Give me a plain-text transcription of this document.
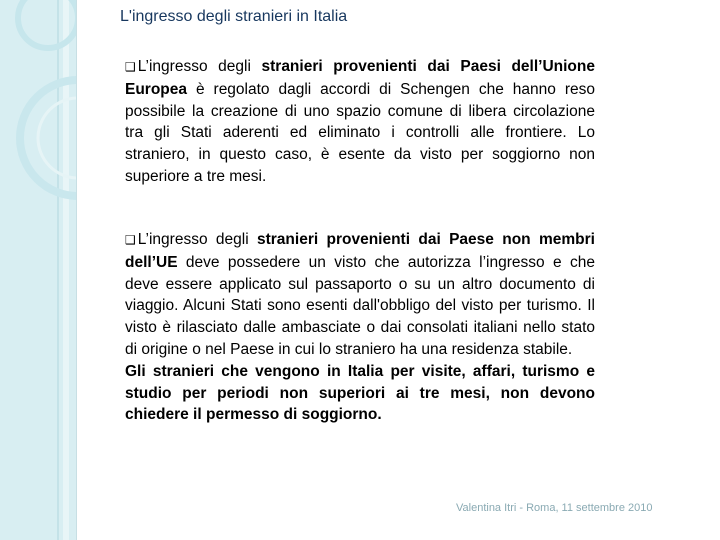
L'ingresso degli stranieri in Italia

❑ L’ingresso degli stranieri provenienti dai Paesi dell’Unione Europea è regolato dagli accordi di Schengen che hanno reso possibile la creazione di uno spazio comune di libera circolazione tra gli Stati aderenti ed eliminato i controlli alle frontiere. Lo straniero, in questo caso, è esente da visto per soggiorno non superiore a tre mesi.

❑ L’ingresso degli stranieri provenienti dai Paese non membri dell’UE deve possedere un visto che autorizza l’ingresso e che deve essere applicato sul passaporto o su un altro documento di viaggio. Alcuni Stati sono esenti dall'obbligo del visto per turismo. Il visto è rilasciato dalle ambasciate o dai consolati italiani nello stato di origine o nel Paese in cui lo straniero ha una residenza stabile.
Gli stranieri che vengono in Italia per visite, affari, turismo e studio per periodi non superiori ai tre mesi, non devono chiedere il permesso di soggiorno.

Valentina Itri - Roma, 11 settembre 2010
